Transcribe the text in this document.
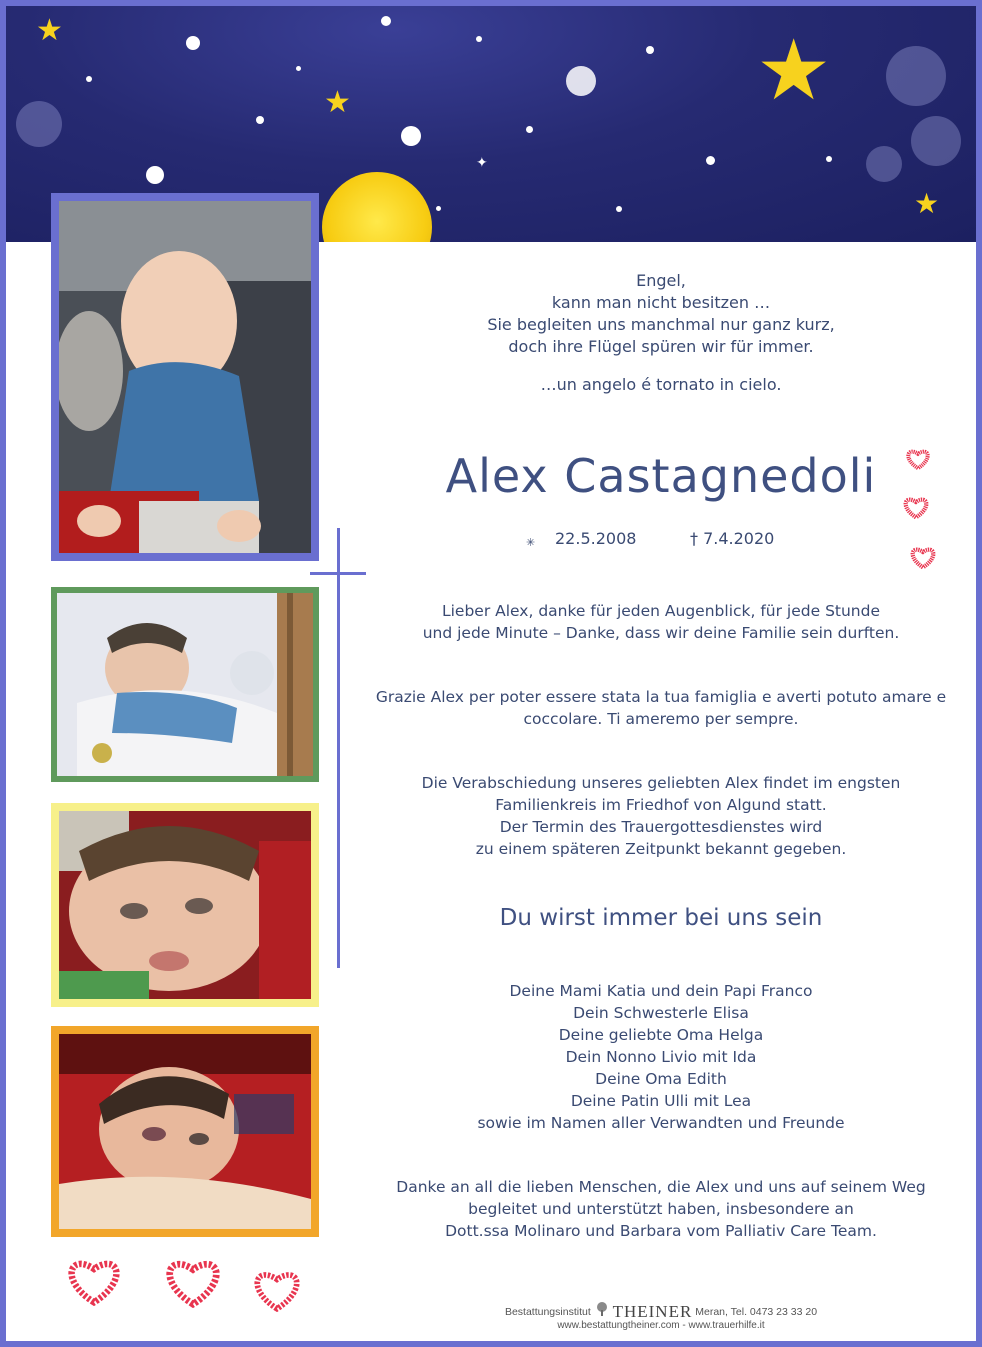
★
★	★
★
✦

Engel,

kann man nicht besitzen …

Sie begleiten uns manchmal nur ganz kurz,

doch ihre Flügel spüren wir für immer.

…un angelo é tornato in cielo.

Alex Castagnedoli
✳ 22.5.2008	† 7.4.2020

Lieber Alex, danke für jeden Augenblick, für jede Stunde

und jede Minute – Danke, dass wir deine Familie sein durften.

Grazie Alex per poter essere stata la tua famiglia e averti potuto amare e

coccolare. Ti ameremo per sempre.

Die Verabschiedung unseres geliebten Alex findet im engsten

Familienkreis im Friedhof von Algund statt.

Der Termin des Trauergottesdienstes wird

zu einem späteren Zeitpunkt bekannt gegeben.

Du wirst immer bei uns sein

Deine Mami Katia und dein Papi Franco

Dein Schwesterle Elisa

Deine geliebte Oma Helga

Dein Nonno Livio mit Ida

Deine Oma Edith

Deine Patin Ulli mit Lea

sowie im Namen aller Verwandten und Freunde

Danke an all die lieben Menschen, die Alex und uns auf seinem Weg

begleitet und unterstützt haben, insbesondere an

Dott.ssa Molinaro und Barbara vom Palliativ Care Team.

Bestattungsinstitut THEINER Meran, Tel. 0473 23 33 20
www.bestattungtheiner.com - www.trauerhilfe.it
